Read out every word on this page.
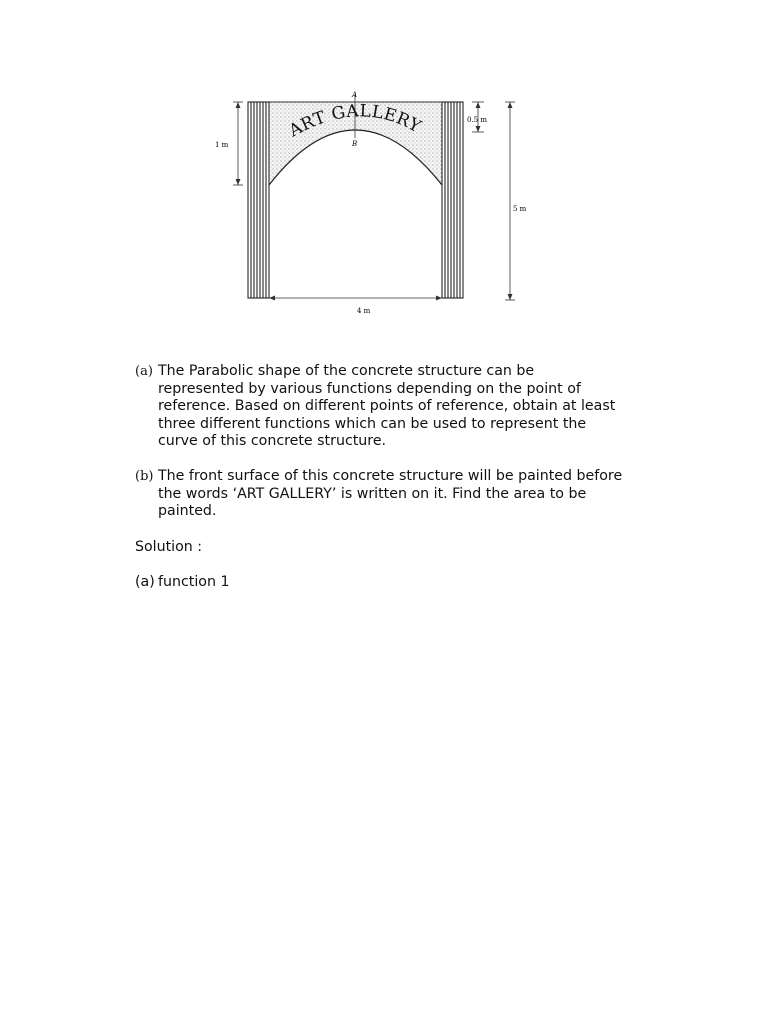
A
B
ART GALLERY	0.5 m
1 m
5 m
4 m
(a) The Parabolic shape of the concrete structure can be
represented by various functions depending on the point of
reference. Based on different points of reference, obtain at least
three different functions which can be used to represent the
curve of this concrete structure.
(b) The front surface of this concrete structure will be painted before
the words ‘ART GALLERY’ is written on it. Find the area to be
painted.
Solution :
(a) function 1
